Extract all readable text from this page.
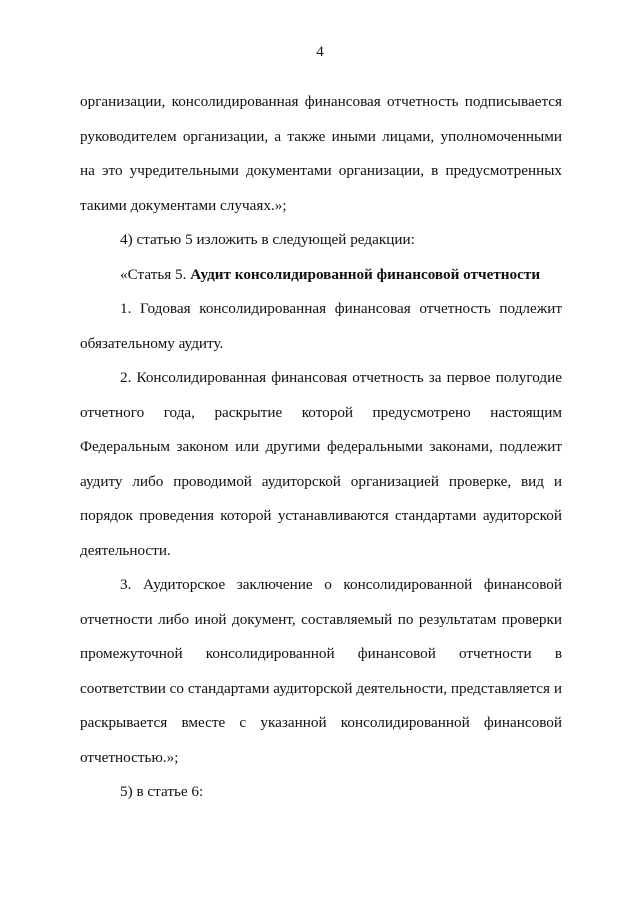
4

организации, консолидированная финансовая отчетность подписывается руководителем организации, а также иными лицами, уполномоченными на это учредительными документами организации, в предусмотренных такими документами случаях.»;

4) статью 5 изложить в следующей редакции:

«Статья 5. Аудит консолидированной финансовой отчетности

1. Годовая консолидированная финансовая отчетность подлежит обязательному аудиту.

2. Консолидированная финансовая отчетность за первое полугодие отчетного года, раскрытие которой предусмотрено настоящим Федеральным законом или другими федеральными законами, подлежит аудиту либо проводимой аудиторской организацией проверке, вид и порядок проведения которой устанавливаются стандартами аудиторской деятельности.

3. Аудиторское заключение о консолидированной финансовой отчетности либо иной документ, составляемый по результатам проверки промежуточной консолидированной финансовой отчетности в соответствии со стандартами аудиторской деятельности, представляется и раскрывается вместе с указанной консолидированной финансовой отчетностью.»;

5) в статье 6:
